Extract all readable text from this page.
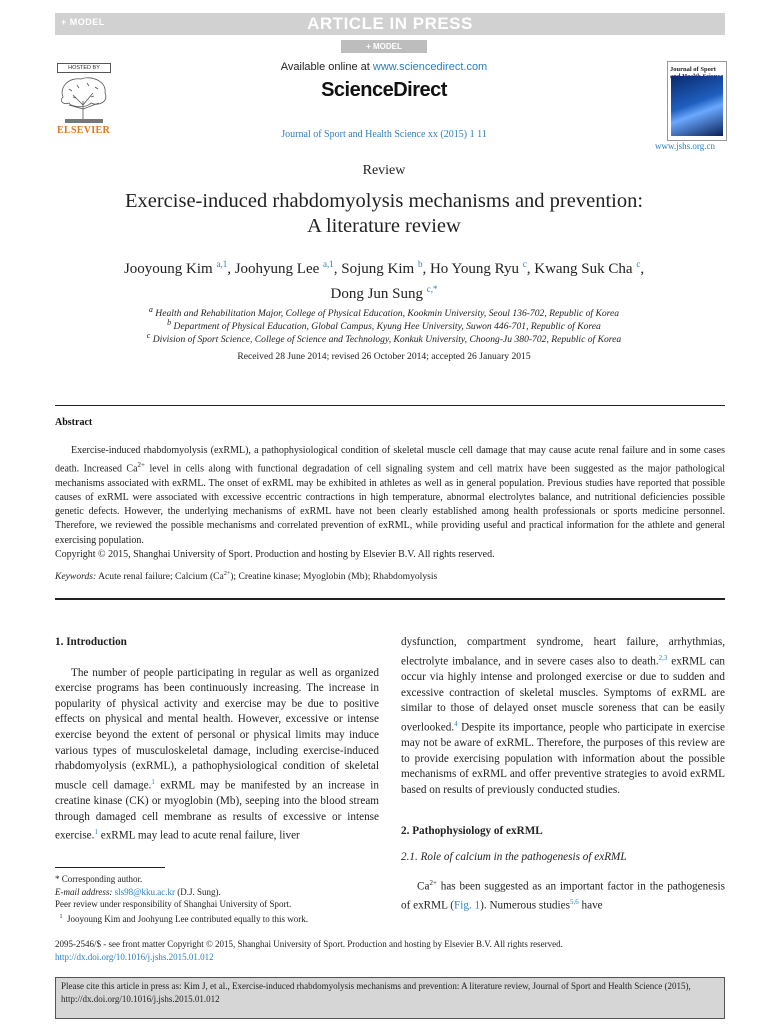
+ MODEL	ARTICLE IN PRESS
+ MODEL
HOSTED BY
ELSEVIER
Available online at www.sciencedirect.com
ScienceDirect
Journal of Sport and Health Science xx (2015) 1 11
Journal of Sport
www.jshs.org.cn
Review
Exercise-induced rhabdomyolysis mechanisms and prevention:
A literature review
Jooyoung Kim $^{a,1}$, Joohyung Lee $^{a,1}$, Sojung Kim $^b$, Ho Young Ryu $^c$, Kwang Suk Cha $^c$,
Dong Jun Sung $^{c,*}$
$^a$ Health and Rehabilitation Major, College of Physical Education, Kookmin University, Seoul 136-702, Republic of Korea
$^b$ Department of Physical Education, Global Campus, Kyung Hee University, Suwon 446-701, Republic of Korea
$^c$ Division of Sport Science, College of Science and Technology, Konkuk University, Choong-Ju 380-702, Republic of Korea
Received 28 June 2014; revised 26 October 2014; accepted 26 January 2015
Abstract

Exercise-induced rhabdomyolysis (exRML), a pathophysiological condition of skeletal muscle cell damage that may cause acute renal failure and in some cases death. Increased $Ca^{2+}$ level in cells along with functional degradation of cell signaling system and cell matrix have been suggested as the major pathological mechanisms associated with exRML. The onset of exRML may be exhibited in athletes as well as in general population. Previous studies have reported that possible causes of exRML were associated with excessive eccentric contractions in high temperature, abnormal electrolytes balance, and nutritional deficiencies possible genetic defects. However, the underlying mechanisms of exRML have not been clearly established among health professionals or sports medicine personnel. Therefore, we reviewed the possible mechanisms and correlated prevention of exRML, while providing useful and practical information for the athlete and general exercising population.

Copyright © 2015, Shanghai University of Sport. Production and hosting by Elsevier B.V. All rights reserved.

Keywords: Acute renal failure; Calcium $(Ca^{2+})$; Creatine kinase; Myoglobin (Mb); Rhabdomyolysis

1. Introduction

The number of people participating in regular as well as organized exercise programs has been continuously increasing. The increase in popularity of physical activity and exercise may be due to positive effects on physical and mental health. However, excessive or intense exercise beyond the extent of personal or physical limits may induce various types of musculoskeletal damage, including exercise-induced rhabdomyolysis (exRML), a pathophysiological condition of skeletal muscle cell damage.$^1$ exRML may be manifested by an increase in creatine kinase (CK) or myoglobin (Mb), seeping into the blood stream through damaged cell membrane as results of excessive or intense exercise.$^1$ exRML may lead to acute renal failure, liver

dysfunction, compartment syndrome, heart failure, arrhythmias, electrolyte imbalance, and in severe cases also to death.$^{2,3}$ exRML can occur via highly intense and prolonged exercise or due to sudden and excessive contraction of skeletal muscles. Symptoms of exRML are similar to those of delayed onset muscle soreness that can be easily overlooked.$^4$ Despite its importance, people who participate in exercise may not be aware of exRML. Therefore, the purposes of this review are to provide exercising population with information about the possible mechanisms of exRML and offer preventive strategies to avoid exRML based on results of previously conducted studies.

2. Pathophysiology of exRML

2.1. Role of calcium in the pathogenesis of exRML

$Ca^{2+}$ has been suggested as an important factor in the pathogenesis of exRML (Fig. 1). Numerous studies$^{5,6}$ have

* Corresponding author.

E-mail address: sls98@kku.ac.kr (D.J. Sung).

Peer review under responsibility of Shanghai University of Sport.

$^1$ Jooyoung Kim and Joohyung Lee contributed equally to this work.

2095-2546/$ - see front matter Copyright © 2015, Shanghai University of Sport. Production and hosting by Elsevier B.V. All rights reserved.
http://dx.doi.org/10.1016/j.jshs.2015.01.012
Please cite this article in press as: Kim J, et al., Exercise-induced rhabdomyolysis mechanisms and prevention: A literature review, Journal of Sport and Health Science (2015), http://dx.doi.org/10.1016/j.jshs.2015.01.012
